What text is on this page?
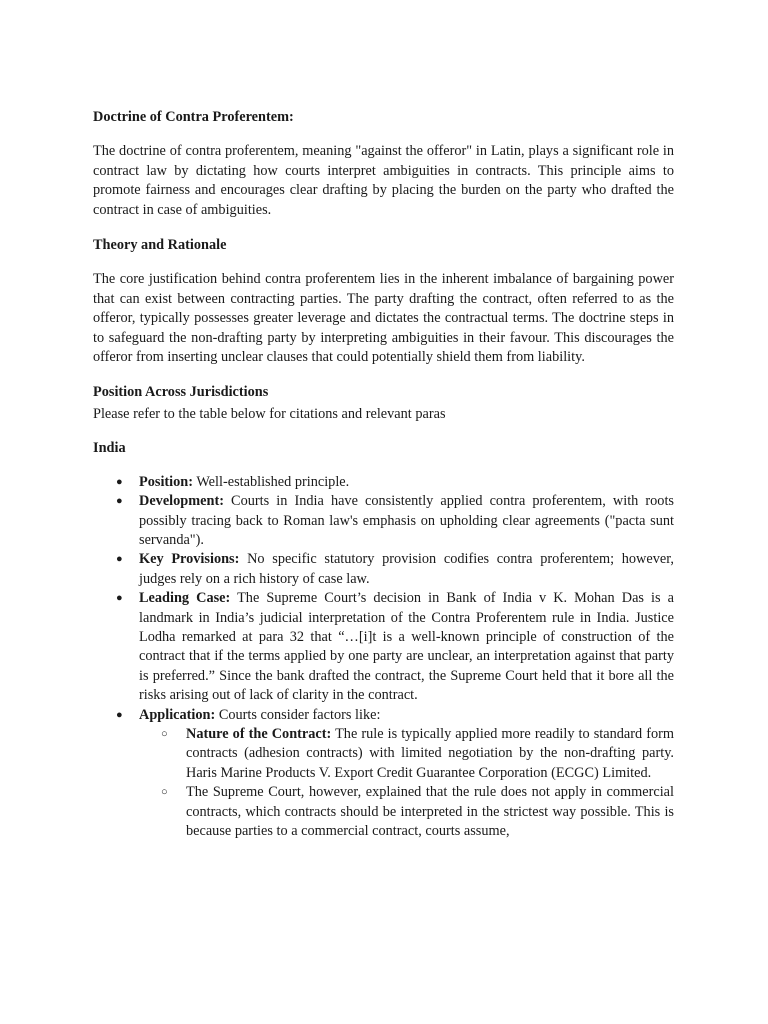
Doctrine of Contra Proferentem:

The doctrine of contra proferentem, meaning "against the offeror" in Latin, plays a significant role in contract law by dictating how courts interpret ambiguities in contracts. This principle aims to promote fairness and encourages clear drafting by placing the burden on the party who drafted the contract in case of ambiguities.

Theory and Rationale

The core justification behind contra proferentem lies in the inherent imbalance of bargaining power that can exist between contracting parties. The party drafting the contract, often referred to as the offeror, typically possesses greater leverage and dictates the contractual terms. The doctrine steps in to safeguard the non-drafting party by interpreting ambiguities in their favour. This discourages the offeror from inserting unclear clauses that could potentially shield them from liability.

Position Across Jurisdictions

Please refer to the table below for citations and relevant paras

India

● Position: Well-established principle.
● Development: Courts in India have consistently applied contra proferentem, with roots possibly tracing back to Roman law's emphasis on upholding clear agreements ("pacta sunt servanda").
● Key Provisions: No specific statutory provision codifies contra proferentem; however, judges rely on a rich history of case law.
● Leading Case: The Supreme Court’s decision in Bank of India v K. Mohan Das is a landmark in India’s judicial interpretation of the Contra Proferentem rule in India. Justice Lodha remarked at para 32 that “…[i]t is a well-known principle of construction of the contract that if the terms applied by one party are unclear, an interpretation against that party is preferred.” Since the bank drafted the contract, the Supreme Court held that it bore all the risks arising out of lack of clarity in the contract.
● Application: Courts consider factors like:
○ Nature of the Contract: The rule is typically applied more readily to standard form contracts (adhesion contracts) with limited negotiation by the non-drafting party. Haris Marine Products V. Export Credit Guarantee Corporation (ECGC) Limited.
○ The Supreme Court, however, explained that the rule does not apply in commercial contracts, which contracts should be interpreted in the strictest way possible. This is because parties to a commercial contract, courts assume,
